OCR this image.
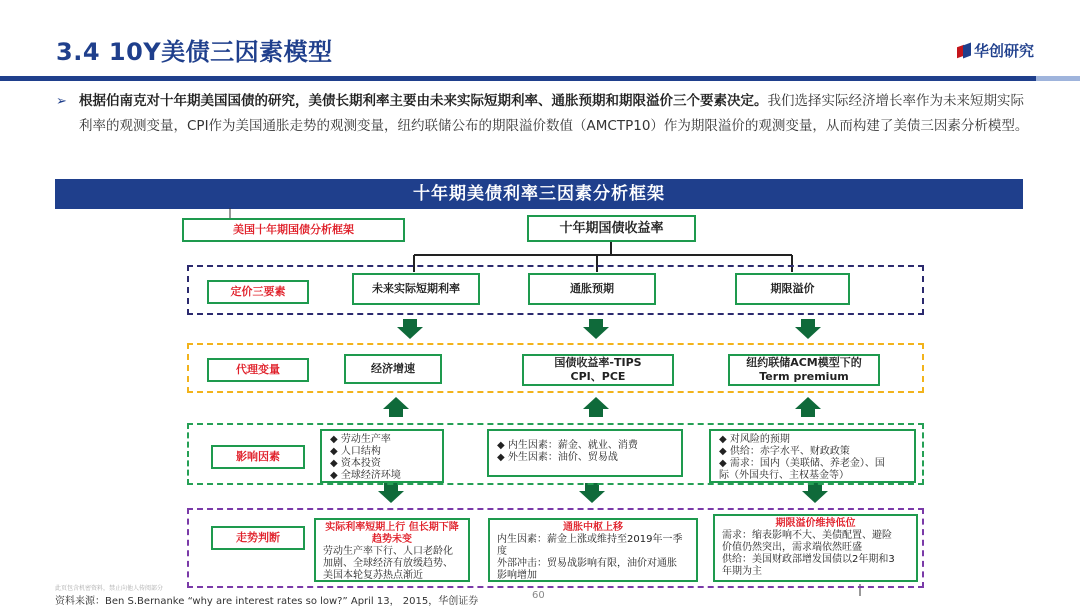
3.4 10Y美债三因素模型	华创研究
➢ 根据伯南克对十年期美国国债的研究，美债长期利率主要由未来实际短期利率、通胀预期和期限溢价三个要素决定。我们选择实际经济增长率作为未来短期实际利率的观测变量，CPI作为美国通胀走势的观测变量，纽约联储公布的期限溢价数值（AMCTP10）作为期限溢价的观测变量，从而构建了美债三因素分析模型。
十年期美债利率三因素分析框架
美国十年期国债分析框架	十年期国债收益率
定价三要素	未来实际短期利率	通胀预期	期限溢价
代理变量	经济增速	国债收益率-TIPS
CPI、PCE
纽约联储ACM模型下的
Term premium
影响因素
◆ 劳动生产率
◆ 人口结构
◆ 资本投资
◆ 全球经济环境
◆ 内生因素：薪金、就业、消费
◆ 外生因素：油价、贸易战
◆ 对风险的预期
◆ 供给：赤字水平、财政政策
◆ 需求：国内（美联储、养老金）、国
际（外国央行、主权基金等）
走势判断
实际利率短期上行 但长期下降趋势未变
劳动生产率下行、人口老龄化
加剧、全球经济有放缓趋势、
美国本轮复苏热点渐近
通胀中枢上移
内生因素：薪金上涨或维持至2019年一季
度
外部冲击：贸易战影响有限，油价对通胀
影响增加
期限溢价维持低位
需求：缩表影响不大、美债配置、避险
价值仍然突出，需求端依然旺盛
供给：美国财政部增发国债以2年期和3
年期为主
此页包含机密资料，禁止向他人传阅部分
资料来源：Ben S.Bernanke “why are interest rates so low?” April 13， 2015，华创证券
60
